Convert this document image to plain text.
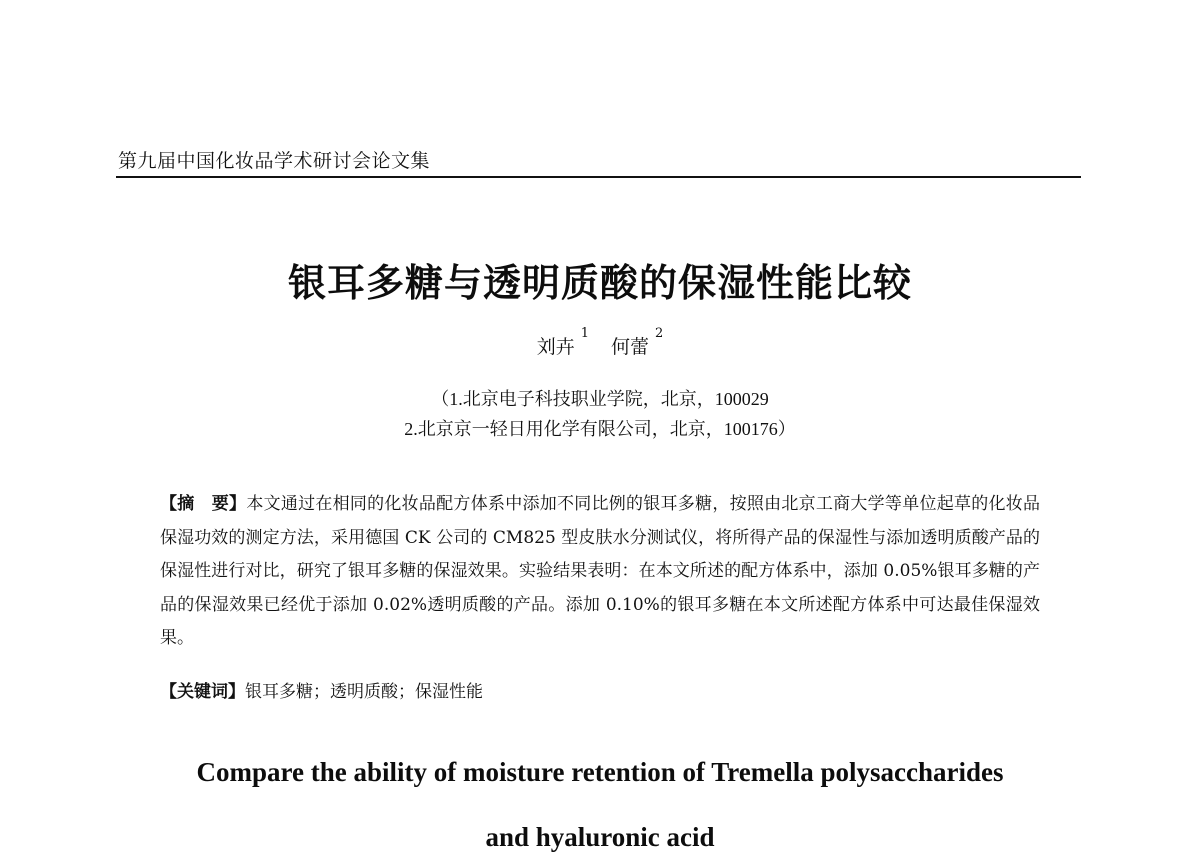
第九届中国化妆品学术研讨会论文集
银耳多糖与透明质酸的保湿性能比较
刘卉$^1$何蕾$^2$
（1.北京电子科技职业学院，北京，100029
2.北京京一轻日用化学有限公司，北京，100176）

【摘　要】本文通过在相同的化妆品配方体系中添加不同比例的银耳多糖，按照由北京工商大学等单位起草的化妆品保湿功效的测定方法，采用德国 CK 公司的 CM825 型皮肤水分测试仪，将所得产品的保湿性与添加透明质酸产品的保湿性进行对比，研究了银耳多糖的保湿效果。实验结果表明：在本文所述的配方体系中，添加 0.05%银耳多糖的产品的保湿效果已经优于添加 0.02%透明质酸的产品。添加 0.10%的银耳多糖在本文所述配方体系中可达最佳保湿效果。

【关键词】银耳多糖；透明质酸；保湿性能
Compare the ability of moisture retention of Tremella polysaccharides
and hyaluronic acid
